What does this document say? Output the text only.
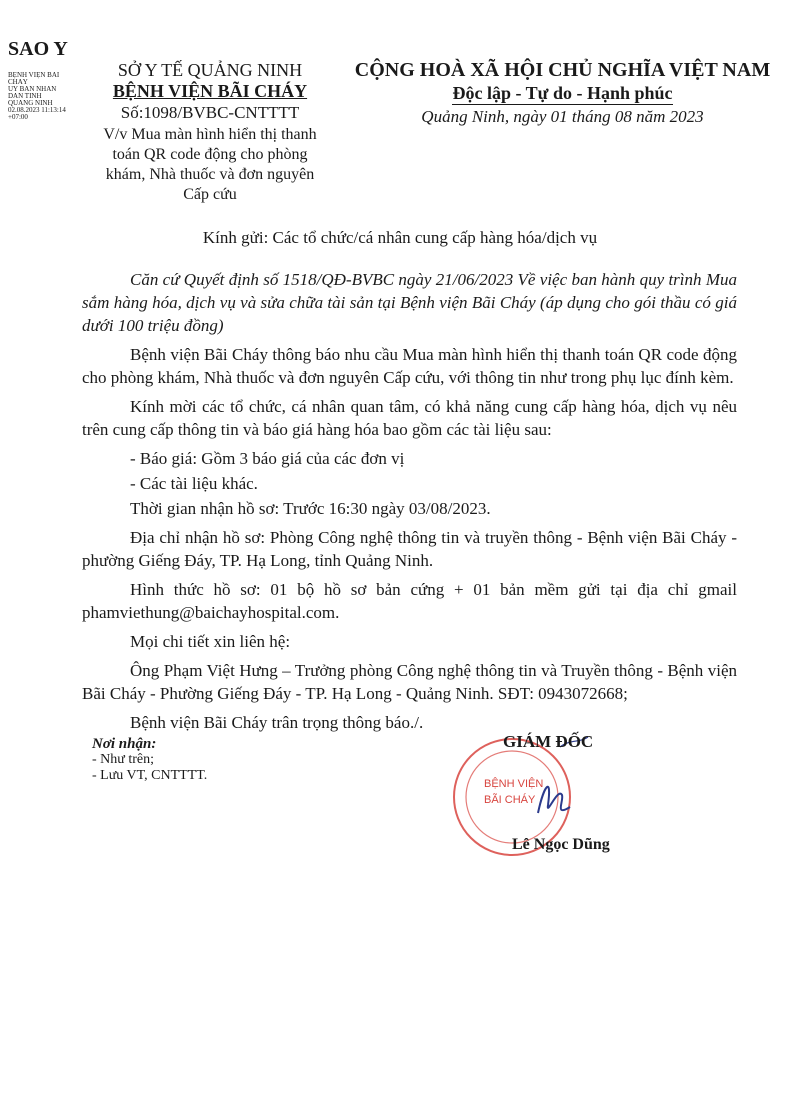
SAO Y
BỆNH VIỆN BÃI
CHÁY
ỦY BAN NHÂN
DÂN TỈNH
QUẢNG NINH
02.08.2023 11:13:14
+07:00
SỞ Y TẾ QUẢNG NINH
BỆNH VIỆN BÃI CHÁY
Số:1098/BVBC-CNTTTT
V/v Mua màn hình hiển thị thanh toán QR code động cho phòng khám, Nhà thuốc và đơn nguyên Cấp cứu
CỘNG HOÀ XÃ HỘI CHỦ NGHĨA VIỆT NAM
Độc lập - Tự do - Hạnh phúc
Quảng Ninh, ngày 01 tháng 08 năm 2023
Kính gửi: Các tổ chức/cá nhân cung cấp hàng hóa/dịch vụ

Căn cứ Quyết định số 1518/QĐ-BVBC ngày 21/06/2023 Về việc ban hành quy trình Mua sắm hàng hóa, dịch vụ và sửa chữa tài sản tại Bệnh viện Bãi Cháy (áp dụng cho gói thầu có giá dưới 100 triệu đồng)

Bệnh viện Bãi Cháy thông báo nhu cầu Mua màn hình hiển thị thanh toán QR code động cho phòng khám, Nhà thuốc và đơn nguyên Cấp cứu, với thông tin như trong phụ lục đính kèm.

Kính mời các tổ chức, cá nhân quan tâm, có khả năng cung cấp hàng hóa, dịch vụ nêu trên cung cấp thông tin và báo giá hàng hóa bao gồm các tài liệu sau:

- Báo giá: Gồm 3 báo giá của các đơn vị

- Các tài liệu khác.

Thời gian nhận hồ sơ: Trước 16:30 ngày 03/08/2023.

Địa chỉ nhận hồ sơ: Phòng Công nghệ thông tin và truyền thông - Bệnh viện Bãi Cháy - phường Giếng Đáy, TP. Hạ Long, tỉnh Quảng Ninh.

Hình thức hồ sơ: 01 bộ hồ sơ bản cứng + 01 bản mềm gửi tại địa chỉ gmail phamviethung@baichayhospital.com.

Mọi chi tiết xin liên hệ:

Ông Phạm Việt Hưng – Trưởng phòng Công nghệ thông tin và Truyền thông - Bệnh viện Bãi Cháy - Phường Giếng Đáy - TP. Hạ Long - Quảng Ninh. SĐT: 0943072668;

Bệnh viện Bãi Cháy trân trọng thông báo./.

Nơi nhận:
- Như trên;
- Lưu VT, CNTTTT.
BỆNH VIỆN
BÃI CHÁY
GIÁM ĐỐC
Lê Ngọc Dũng
